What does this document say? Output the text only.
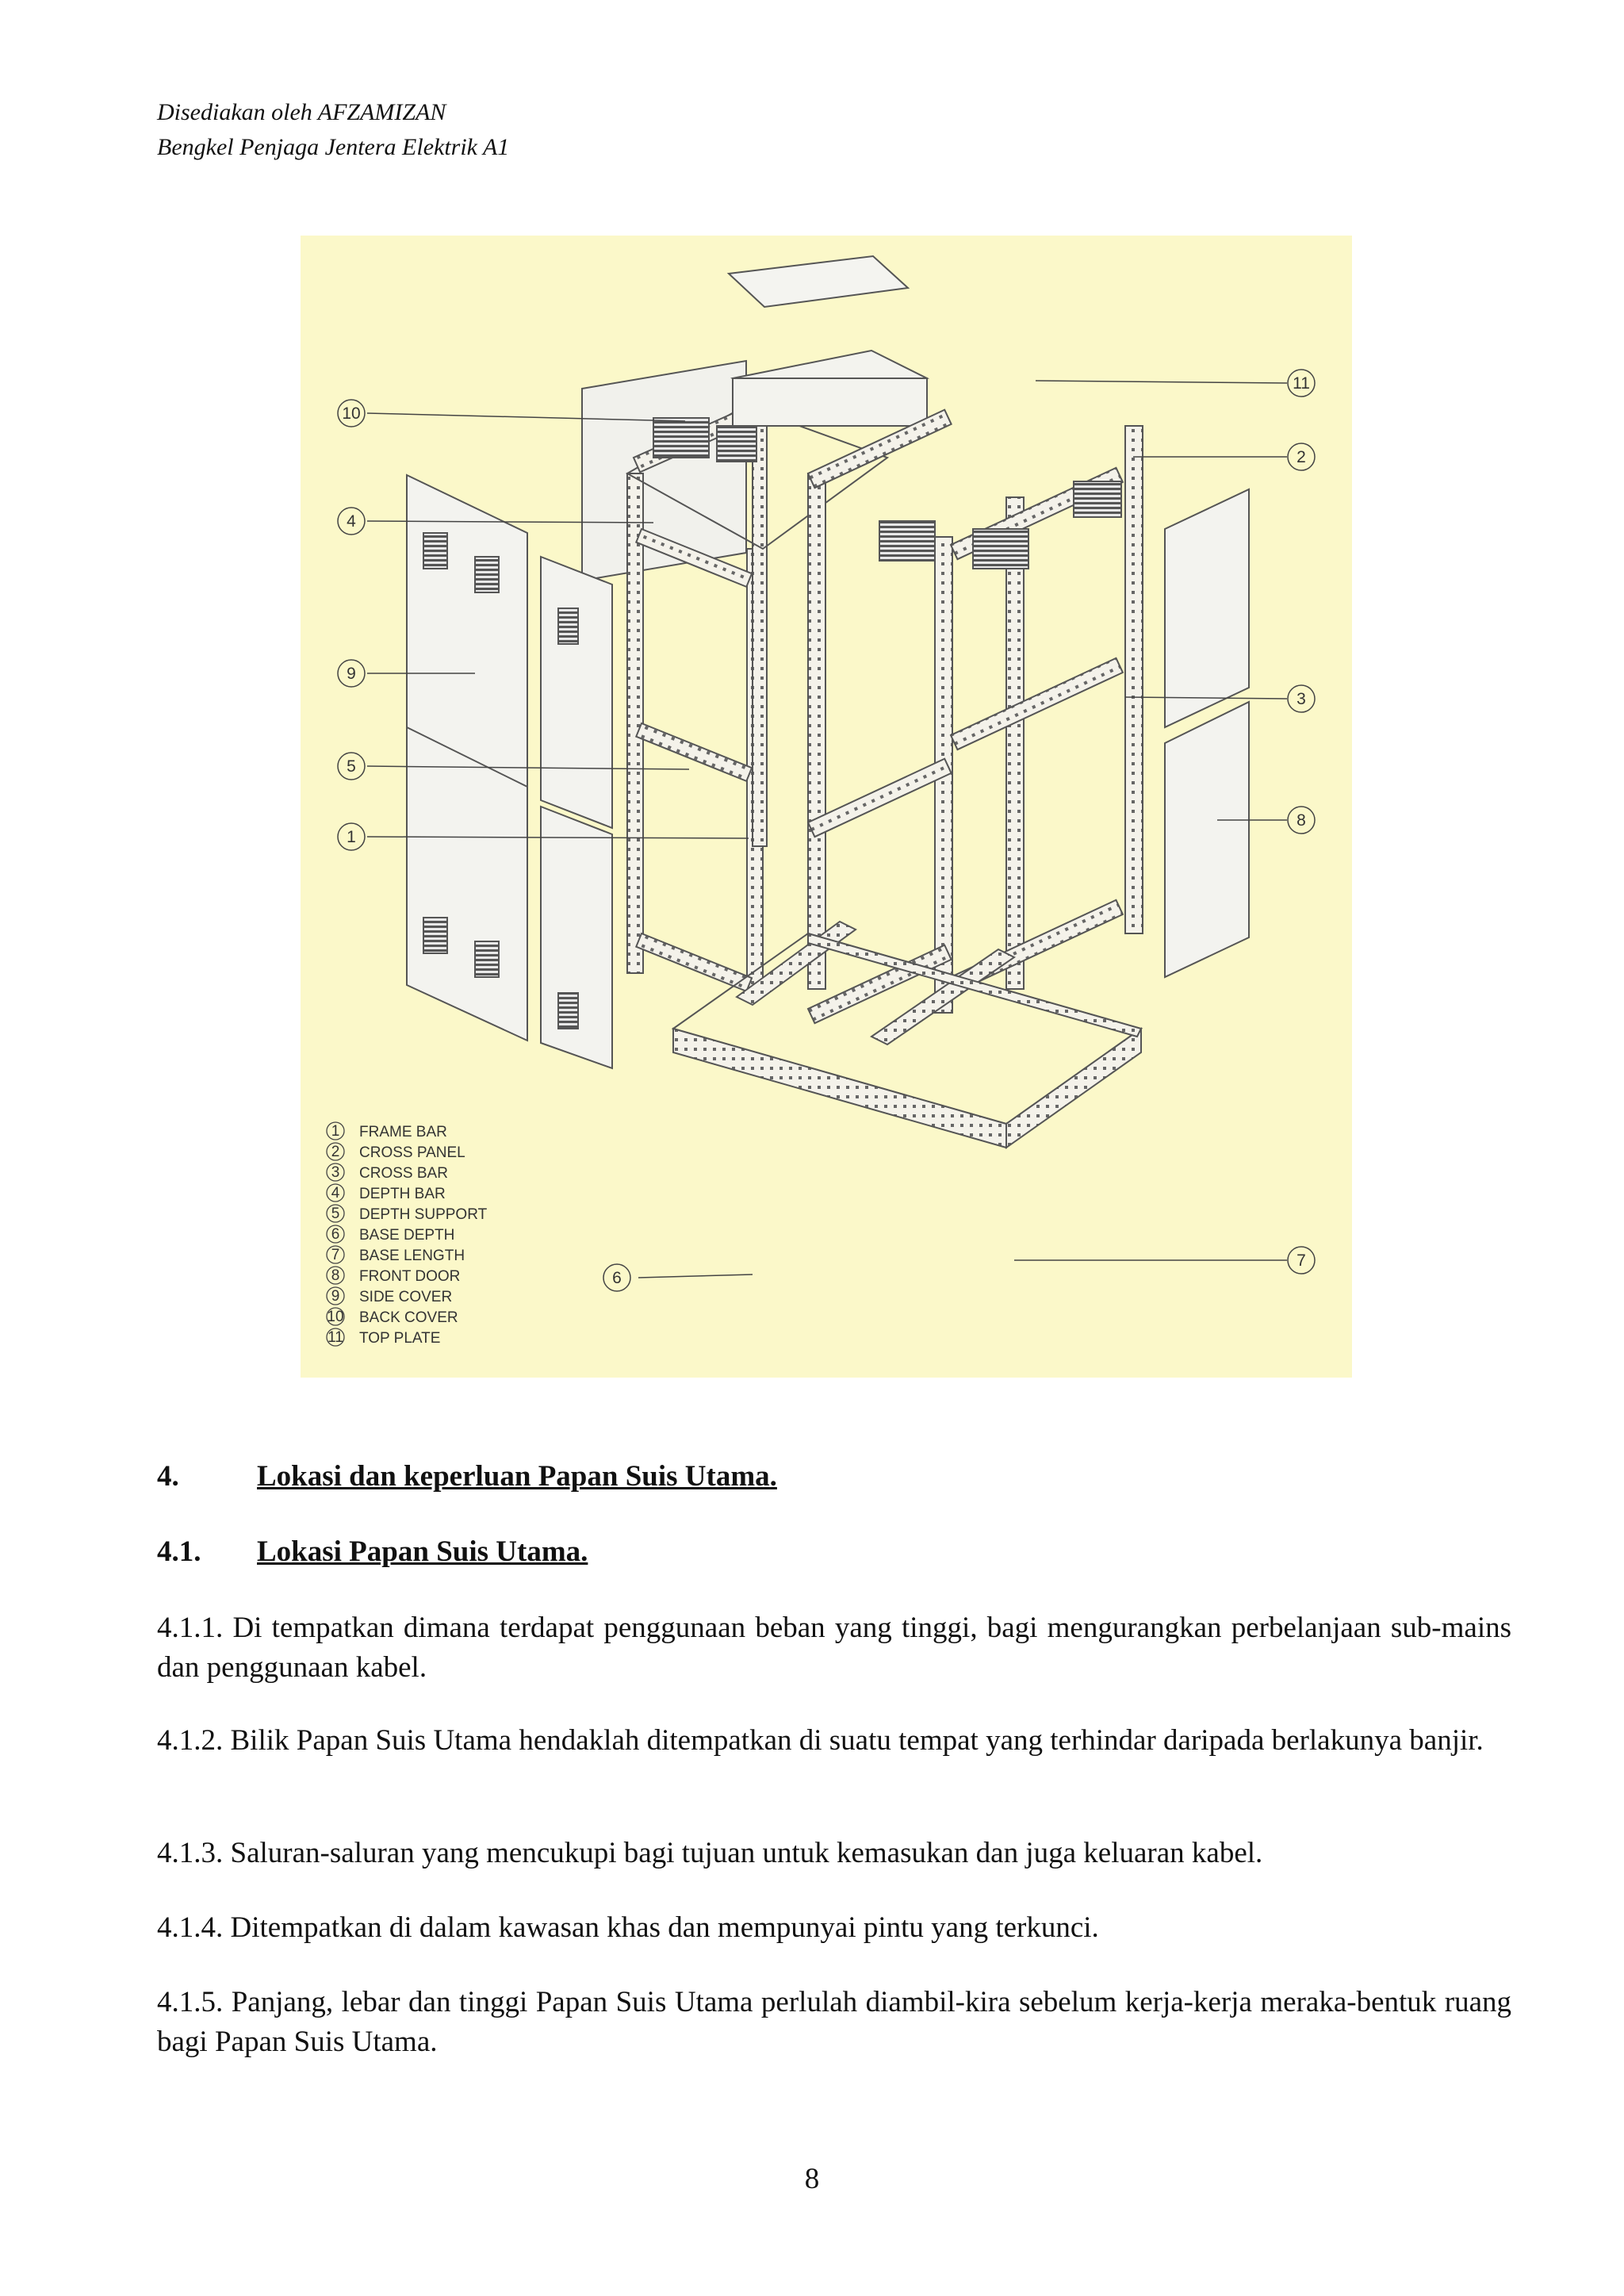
Disediakan oleh AFZAMIZAN
Bengkel Penjaga Jentera Elektrik A1
10
4
9
5
1
11
2
3
8
6
7
1 FRAME BAR
2 CROSS PANEL
3 CROSS BAR
4 DEPTH BAR
5 DEPTH SUPPORT
6 BASE DEPTH
7 BASE LENGTH
8 FRONT DOOR
9 SIDE COVER
10 BACK COVER
11 TOP PLATE
4.	Lokasi dan keperluan Papan Suis Utama.
4.1. Lokasi Papan Suis Utama.
4.1.1. Di tempatkan dimana terdapat penggunaan beban yang tinggi, bagi mengurangkan perbelanjaan sub-mains dan penggunaan kabel.
4.1.2. Bilik Papan Suis Utama hendaklah ditempatkan di suatu tempat yang terhindar daripada berlakunya banjir.
4.1.3. Saluran-saluran yang mencukupi bagi tujuan untuk kemasukan dan juga keluaran kabel.
4.1.4. Ditempatkan di dalam kawasan khas dan mempunyai pintu yang terkunci.
4.1.5. Panjang, lebar dan tinggi Papan Suis Utama perlulah diambil-kira sebelum kerja-kerja meraka-bentuk ruang bagi Papan Suis Utama.
8
